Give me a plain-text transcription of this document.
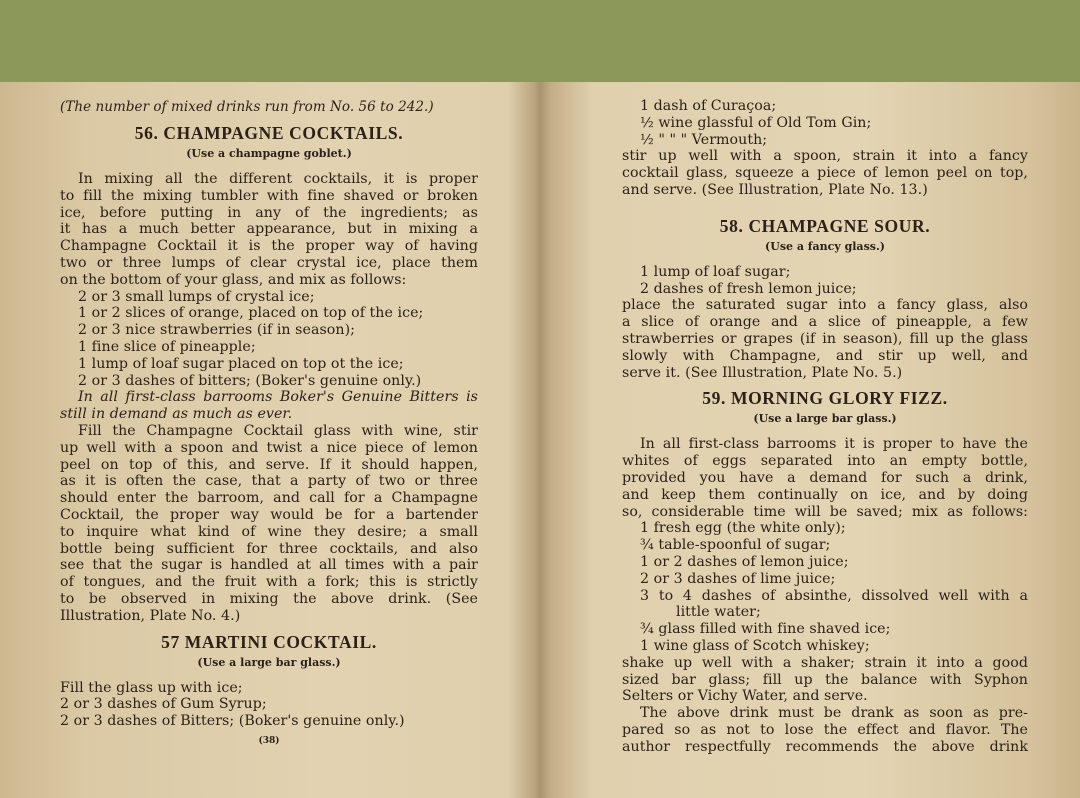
(The number of mixed drinks run from No. 56 to 242.)

56. CHAMPAGNE COCKTAILS.
(Use a champagne goblet.)

In mixing all the different cocktails, it is proper

to fill the mixing tumbler with fine shaved or broken

ice, before putting in any of the ingredients; as

it has a much better appearance, but in mixing a

Champagne Cocktail it is the proper way of having

two or three lumps of clear crystal ice, place them

on the bottom of your glass, and mix as follows:

2 or 3 small lumps of crystal ice;

1 or 2 slices of orange, placed on top of the ice;

2 or 3 nice strawberries (if in season);

1 fine slice of pineapple;

1 lump of loaf sugar placed on top ot the ice;

2 or 3 dashes of bitters; (Boker's genuine only.)

In all first-class barrooms Boker's Genuine Bitters is

still in demand as much as ever.

Fill the Champagne Cocktail glass with wine, stir

up well with a spoon and twist a nice piece of lemon

peel on top of this, and serve. If it should happen,

as it is often the case, that a party of two or three

should enter the barroom, and call for a Champagne

Cocktail, the proper way would be for a bartender

to inquire what kind of wine they desire; a small

bottle being sufficient for three cocktails, and also

see that the sugar is handled at all times with a pair

of tongues, and the fruit with a fork; this is strictly

to be observed in mixing the above drink. (See

Illustration, Plate No. 4.)

57 MARTINI COCKTAIL.
(Use a large bar glass.)

Fill the glass up with ice;

2 or 3 dashes of Gum Syrup;

2 or 3 dashes of Bitters; (Boker's genuine only.)

(38)

1 dash of Curaçoa;

½ wine glassful of Old Tom Gin;

½ " " " Vermouth;

stir up well with a spoon, strain it into a fancy

cocktail glass, squeeze a piece of lemon peel on top,

and serve. (See Illustration, Plate No. 13.)

58. CHAMPAGNE SOUR.
(Use a fancy glass.)

1 lump of loaf sugar;

2 dashes of fresh lemon juice;

place the saturated sugar into a fancy glass, also

a slice of orange and a slice of pineapple, a few

strawberries or grapes (if in season), fill up the glass

slowly with Champagne, and stir up well, and

serve it. (See Illustration, Plate No. 5.)

59. MORNING GLORY FIZZ.
(Use a large bar glass.)

In all first-class barrooms it is proper to have the

whites of eggs separated into an empty bottle,

provided you have a demand for such a drink,

and keep them continually on ice, and by doing

so, considerable time will be saved; mix as follows:

1 fresh egg (the white only);

¾ table-spoonful of sugar;

1 or 2 dashes of lemon juice;

2 or 3 dashes of lime juice;

3 to 4 dashes of absinthe, dissolved well with a

little water;

¾ glass filled with fine shaved ice;

1 wine glass of Scotch whiskey;

shake up well with a shaker; strain it into a good

sized bar glass; fill up the balance with Syphon

Selters or Vichy Water, and serve.

The above drink must be drank as soon as pre-

pared so as not to lose the effect and flavor. The

author respectfully recommends the above drink
